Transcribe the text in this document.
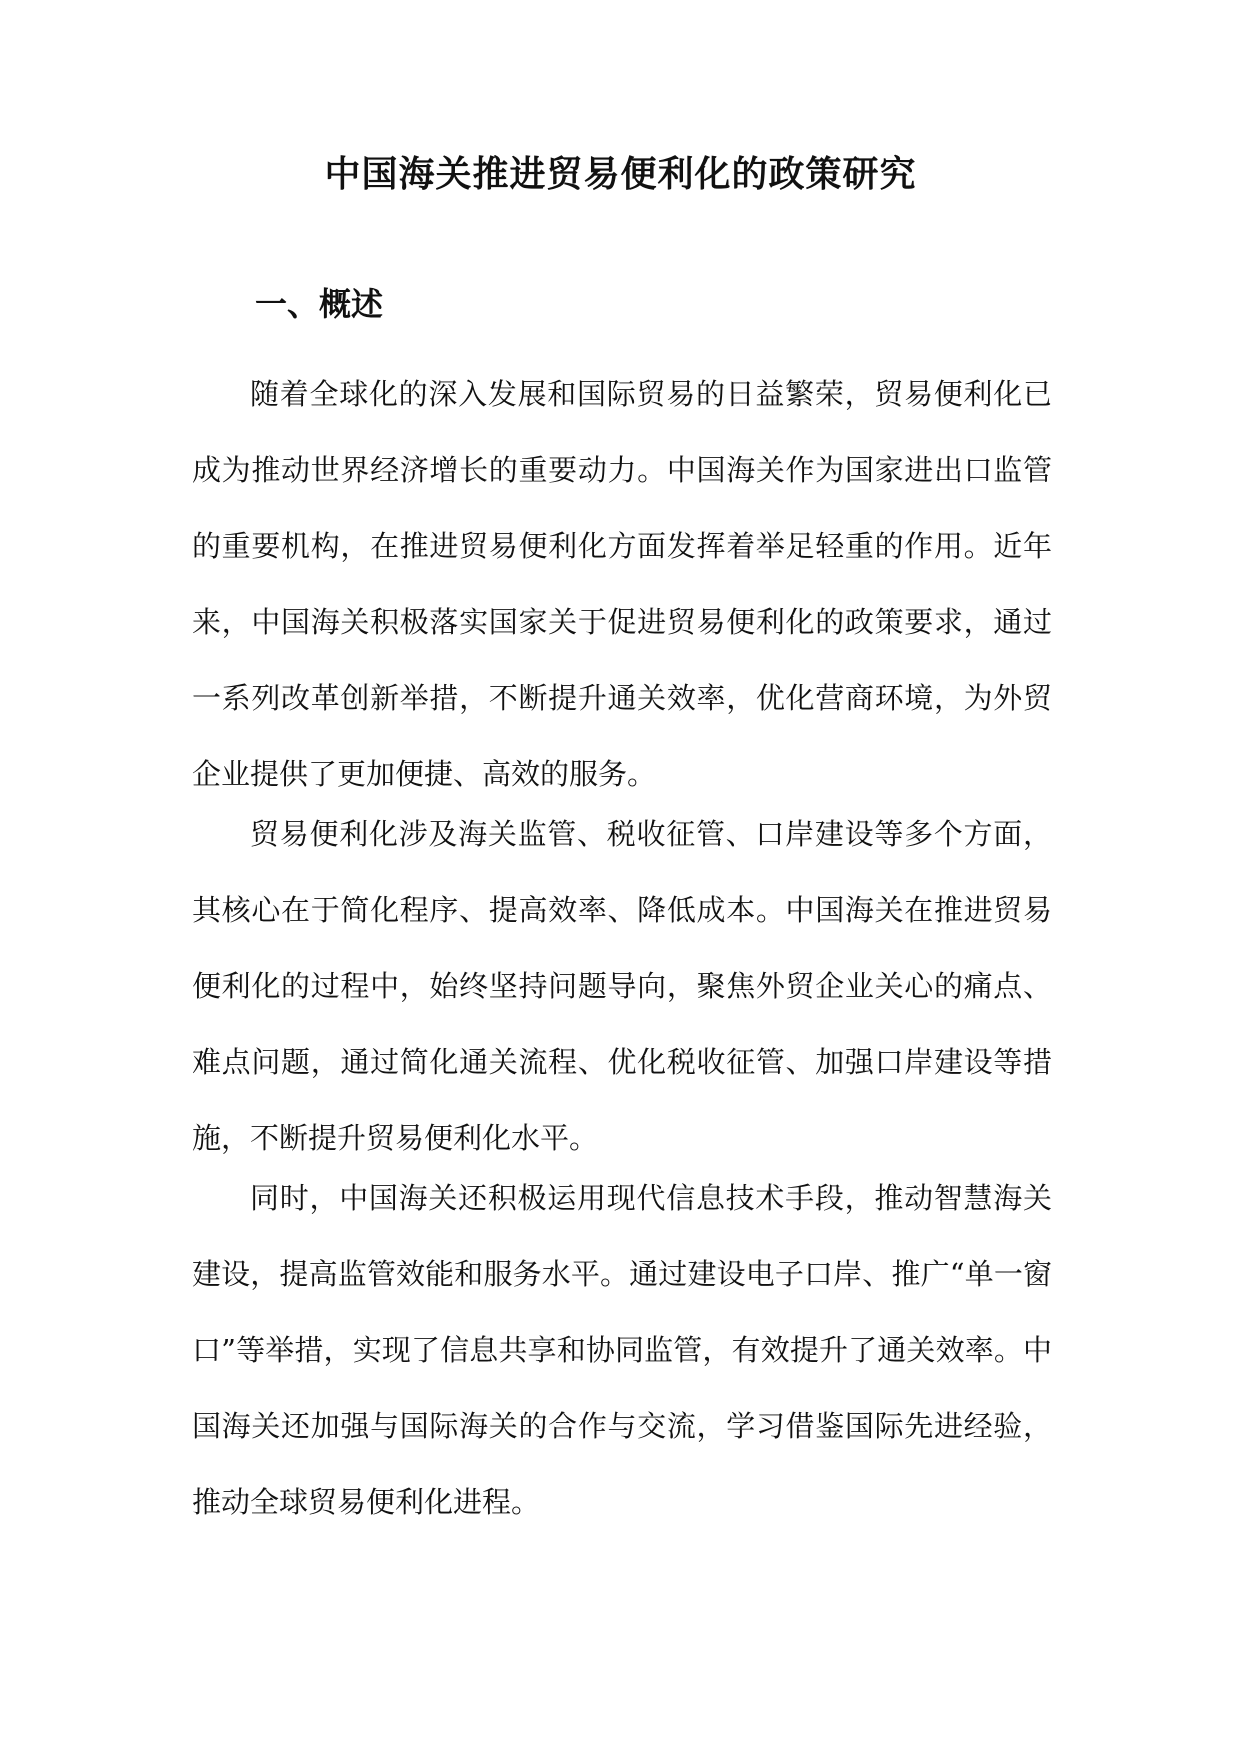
中国海关推进贸易便利化的政策研究
一、概述

随着全球化的深入发展和国际贸易的日益繁荣，贸易便利化已成为推动世界经济增长的重要动力。中国海关作为国家进出口监管的重要机构，在推进贸易便利化方面发挥着举足轻重的作用。近年来，中国海关积极落实国家关于促进贸易便利化的政策要求，通过一系列改革创新举措，不断提升通关效率，优化营商环境，为外贸企业提供了更加便捷、高效的服务。

贸易便利化涉及海关监管、税收征管、口岸建设等多个方面，其核心在于简化程序、提高效率、降低成本。中国海关在推进贸易便利化的过程中，始终坚持问题导向，聚焦外贸企业关心的痛点、难点问题，通过简化通关流程、优化税收征管、加强口岸建设等措施，不断提升贸易便利化水平。

同时，中国海关还积极运用现代信息技术手段，推动智慧海关建设，提高监管效能和服务水平。通过建设电子口岸、推广“单一窗口”等举措，实现了信息共享和协同监管，有效提升了通关效率。中国海关还加强与国际海关的合作与交流，学习借鉴国际先进经验，推动全球贸易便利化进程。
